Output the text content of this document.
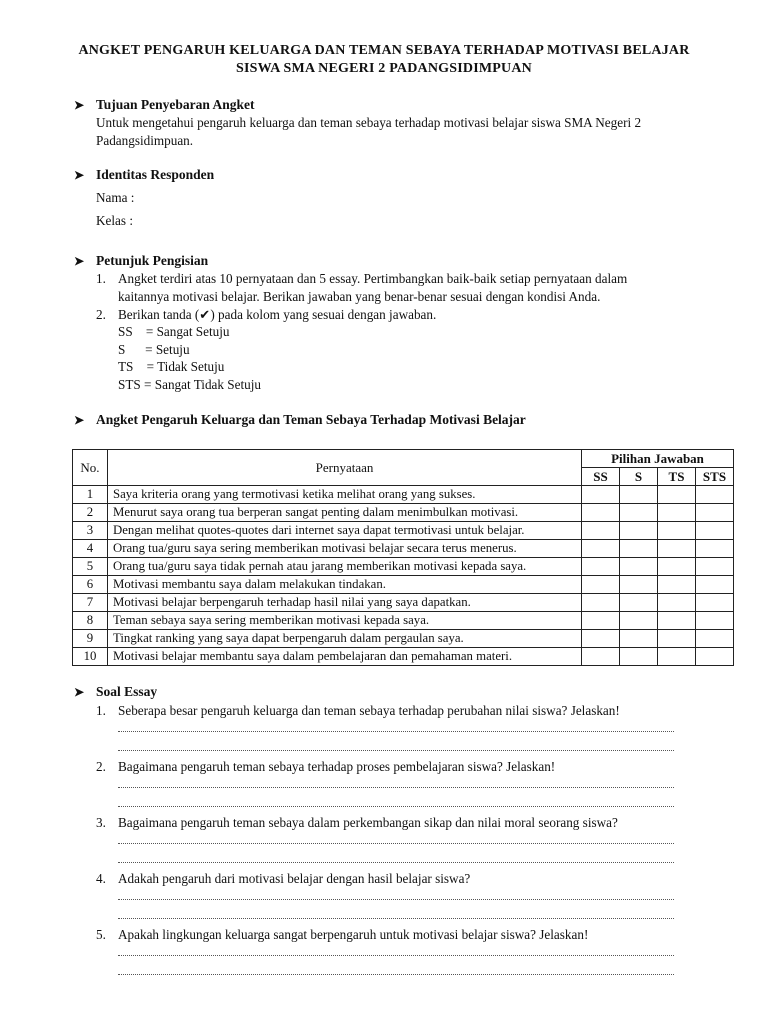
ANGKET PENGARUH KELUARGA DAN TEMAN SEBAYA TERHADAP MOTIVASI BELAJAR
SISWA SMA NEGERI 2 PADANGSIDIMPUAN
➤ Tujuan Penyebaran Angket
Untuk mengetahui pengaruh keluarga dan teman sebaya terhadap motivasi belajar siswa SMA Negeri 2
Padangsidimpuan.
➤ Identitas Responden
Nama :
Kelas :
➤ Petunjuk Pengisian
1. Angket terdiri atas 10 pernyataan dan 5 essay. Pertimbangkan baik-baik setiap pernyataan dalam
kaitannya motivasi belajar. Berikan jawaban yang benar-benar sesuai dengan kondisi Anda.
2. Berikan tanda (✔) pada kolom yang sesuai dengan jawaban.
SS    = Sangat Setuju
S      = Setuju
TS    = Tidak Setuju
STS = Sangat Tidak Setuju
➤ Angket Pengaruh Keluarga dan Teman Sebaya Terhadap Motivasi Belajar
No.	Pernyataan	Pilihan Jawaban			
		SS	S	TS	STS
1	Saya kriteria orang yang termotivasi ketika melihat orang yang sukses.				
2	Menurut saya orang tua berperan sangat penting dalam menimbulkan motivasi.				
3	Dengan melihat quotes-quotes dari internet saya dapat termotivasi untuk belajar.				
4	Orang tua/guru saya sering memberikan motivasi belajar secara terus menerus.				
5	Orang tua/guru saya tidak pernah atau jarang memberikan motivasi kepada saya.				
6	Motivasi membantu saya dalam melakukan tindakan.				
7	Motivasi belajar berpengaruh terhadap hasil nilai yang saya dapatkan.				
8	Teman sebaya saya sering memberikan motivasi kepada saya.				
9	Tingkat ranking yang saya dapat berpengaruh dalam pergaulan saya.				
10	Motivasi belajar membantu saya dalam pembelajaran dan pemahaman materi.				
➤ Soal Essay
1. Seberapa besar pengaruh keluarga dan teman sebaya terhadap perubahan nilai siswa? Jelaskan!
2. Bagaimana pengaruh teman sebaya terhadap proses pembelajaran siswa? Jelaskan!
3. Bagaimana pengaruh teman sebaya dalam perkembangan sikap dan nilai moral seorang siswa?
4. Adakah pengaruh dari motivasi belajar dengan hasil belajar siswa?
5. Apakah lingkungan keluarga sangat berpengaruh untuk motivasi belajar siswa? Jelaskan!
